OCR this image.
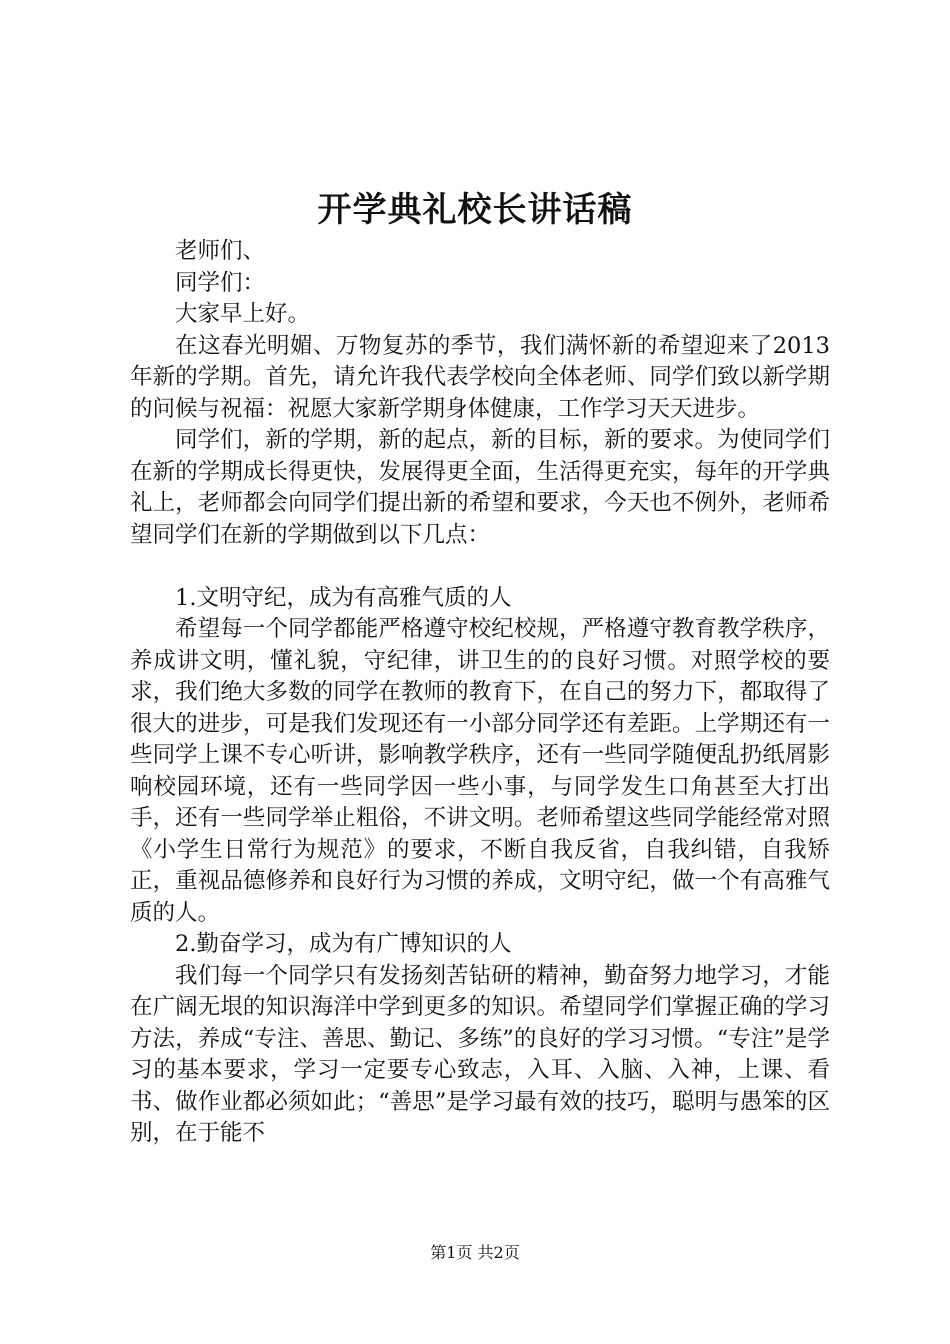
开学典礼校长讲话稿

老师们、

同学们：

大家早上好。

在这春光明媚、万物复苏的季节，我们满怀新的希望迎来了2013年新的学期。首先，请允许我代表学校向全体老师、同学们致以新学期的问候与祝福：祝愿大家新学期身体健康，工作学习天天进步。

同学们，新的学期，新的起点，新的目标，新的要求。为使同学们在新的学期成长得更快，发展得更全面，生活得更充实，每年的开学典礼上，老师都会向同学们提出新的希望和要求，今天也不例外，老师希望同学们在新的学期做到以下几点：

1.文明守纪，成为有高雅气质的人

希望每一个同学都能严格遵守校纪校规，严格遵守教育教学秩序，养成讲文明，懂礼貌，守纪律，讲卫生的的良好习惯。对照学校的要求，我们绝大多数的同学在教师的教育下，在自己的努力下，都取得了很大的进步，可是我们发现还有一小部分同学还有差距。上学期还有一些同学上课不专心听讲，影响教学秩序，还有一些同学随便乱扔纸屑影响校园环境，还有一些同学因一些小事，与同学发生口角甚至大打出手，还有一些同学举止粗俗，不讲文明。老师希望这些同学能经常对照《小学生日常行为规范》的要求，不断自我反省，自我纠错，自我矫正，重视品德修养和良好行为习惯的养成，文明守纪，做一个有高雅气质的人。

2.勤奋学习，成为有广博知识的人

我们每一个同学只有发扬刻苦钻研的精神，勤奋努力地学习，才能在广阔无垠的知识海洋中学到更多的知识。希望同学们掌握正确的学习方法，养成“专注、善思、勤记、多练”的良好的学习习惯。“专注”是学习的基本要求，学习一定要专心致志，入耳、入脑、入神，上课、看书、做作业都必须如此；“善思”是学习最有效的技巧，聪明与愚笨的区别，在于能不

第1页 共2页
